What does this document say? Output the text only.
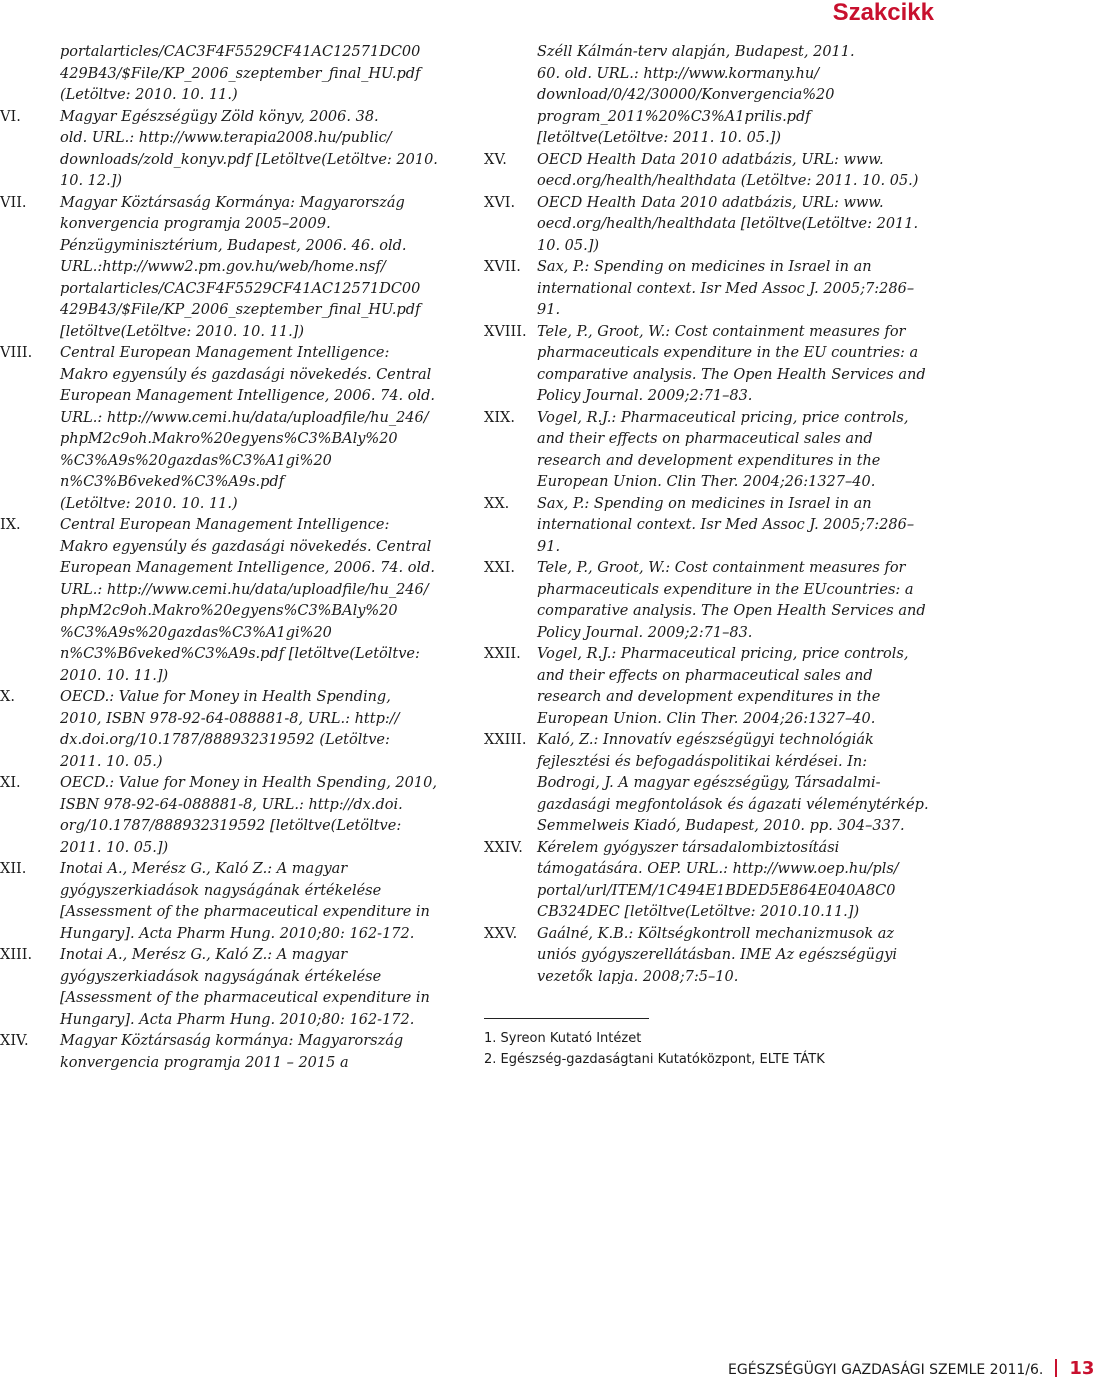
Szakcikk
portalarticles/CAC3F4F5529CF41AC12571DC00
429B43/$File/KP_2006_szeptember_final_HU.pdf
(Letöltve: 2010. 10. 11.)
VI.	Magyar Egészségügy Zöld könyv, 2006. 38.
old. URL.: http://www.terapia2008.hu/public/
downloads/zold_konyv.pdf [Letöltve(Letöltve: 2010.
10. 12.])
VII. Magyar Köztársaság Kormánya: Magyarország
konvergencia programja 2005–2009.
Pénzügyminisztérium, Budapest, 2006. 46. old.
URL.:http://www2.pm.gov.hu/web/home.nsf/
portalarticles/CAC3F4F5529CF41AC12571DC00
429B43/$File/KP_2006_szeptember_final_HU.pdf
[letöltve(Letöltve: 2010. 10. 11.])
VIII. Central European Management Intelligence:
Makro egyensúly és gazdasági növekedés. Central
European Management Intelligence, 2006. 74. old.
URL.: http://www.cemi.hu/data/uploadfile/hu_246/
phpM2c9oh.Makro%20egyens%C3%BAly%20
%C3%A9s%20gazdas%C3%A1gi%20
n%C3%B6veked%C3%A9s.pdf
(Letöltve: 2010. 10. 11.)
IX.	Central European Management Intelligence:
Makro egyensúly és gazdasági növekedés. Central
European Management Intelligence, 2006. 74. old.
URL.: http://www.cemi.hu/data/uploadfile/hu_246/
phpM2c9oh.Makro%20egyens%C3%BAly%20
%C3%A9s%20gazdas%C3%A1gi%20
n%C3%B6veked%C3%A9s.pdf [letöltve(Letöltve:
2010. 10. 11.])
X.	OECD.: Value for Money in Health Spending,
2010, ISBN 978-92-64-088881-8, URL.: http://
dx.doi.org/10.1787/888932319592 (Letöltve:
2011. 10. 05.)
XI.	OECD.: Value for Money in Health Spending, 2010,
ISBN 978-92-64-088881-8, URL.: http://dx.doi.
org/10.1787/888932319592 [letöltve(Letöltve:
2011. 10. 05.])
XII. Inotai A., Merész G., Kaló Z.: A magyar
gyógyszerkiadások nagyságának értékelése
[Assessment of the pharmaceutical expenditure in
Hungary]. Acta Pharm Hung. 2010;80: 162-172.
XIII. Inotai A., Merész G., Kaló Z.: A magyar
gyógyszerkiadások nagyságának értékelése
[Assessment of the pharmaceutical expenditure in
Hungary]. Acta Pharm Hung. 2010;80: 162-172.
XIV. Magyar Köztársaság kormánya: Magyarország
konvergencia programja 2011 – 2015 a
Széll Kálmán-terv alapján, Budapest, 2011.
60. old. URL.: http://www.kormany.hu/
download/0/42/30000/Konvergencia%20
program_2011%20%C3%A1prilis.pdf
[letöltve(Letöltve: 2011. 10. 05.])
XV. OECD Health Data 2010 adatbázis, URL: www.
oecd.org/health/healthdata (Letöltve: 2011. 10. 05.)
XVI. OECD Health Data 2010 adatbázis, URL: www.
oecd.org/health/healthdata [letöltve(Letöltve: 2011.
10. 05.])
XVII. Sax, P.: Spending on medicines in Israel in an
international context. Isr Med Assoc J. 2005;7:286–
91.
XVIII. Tele, P., Groot, W.: Cost containment measures for
pharmaceuticals expenditure in the EU countries: a
comparative analysis. The Open Health Services and
Policy Journal. 2009;2:71–83.
XIX. Vogel, R.J.: Pharmaceutical pricing, price controls,
and their effects on pharmaceutical sales and
research and development expenditures in the
European Union. Clin Ther. 2004;26:1327–40.
XX. Sax, P.: Spending on medicines in Israel in an
international context. Isr Med Assoc J. 2005;7:286–
91.
XXI. Tele, P., Groot, W.: Cost containment measures for
pharmaceuticals expenditure in the EUcountries: a
comparative analysis. The Open Health Services and
Policy Journal. 2009;2:71–83.
XXII. Vogel, R.J.: Pharmaceutical pricing, price controls,
and their effects on pharmaceutical sales and
research and development expenditures in the
European Union. Clin Ther. 2004;26:1327–40.
XXIII. Kaló, Z.: Innovatív egészségügyi technológiák
fejlesztési és befogadáspolitikai kérdései. In:
Bodrogi, J. A magyar egészségügy, Társadalmi-
gazdasági megfontolások és ágazati véleménytérkép.
Semmelweis Kiadó, Budapest, 2010. pp. 304–337.
XXIV. Kérelem gyógyszer társadalombiztosítási
támogatására. OEP. URL.: http://www.oep.hu/pls/
portal/url/ITEM/1C494E1BDED5E864E040A8C0
CB324DEC [letöltve(Letöltve: 2010.10.11.])
XXV. Gaálné, K.B.: Költségkontroll mechanizmusok az
uniós gyógyszerellátásban. IME Az egészségügyi
vezetők lapja. 2008;7:5–10.
1. Syreon Kutató Intézet
2. Egészség-gazdaságtani Kutatóközpont, ELTE TÁTK
EGÉSZSÉGÜGYI GAZDASÁGI SZEMLE 2011/6. 13
